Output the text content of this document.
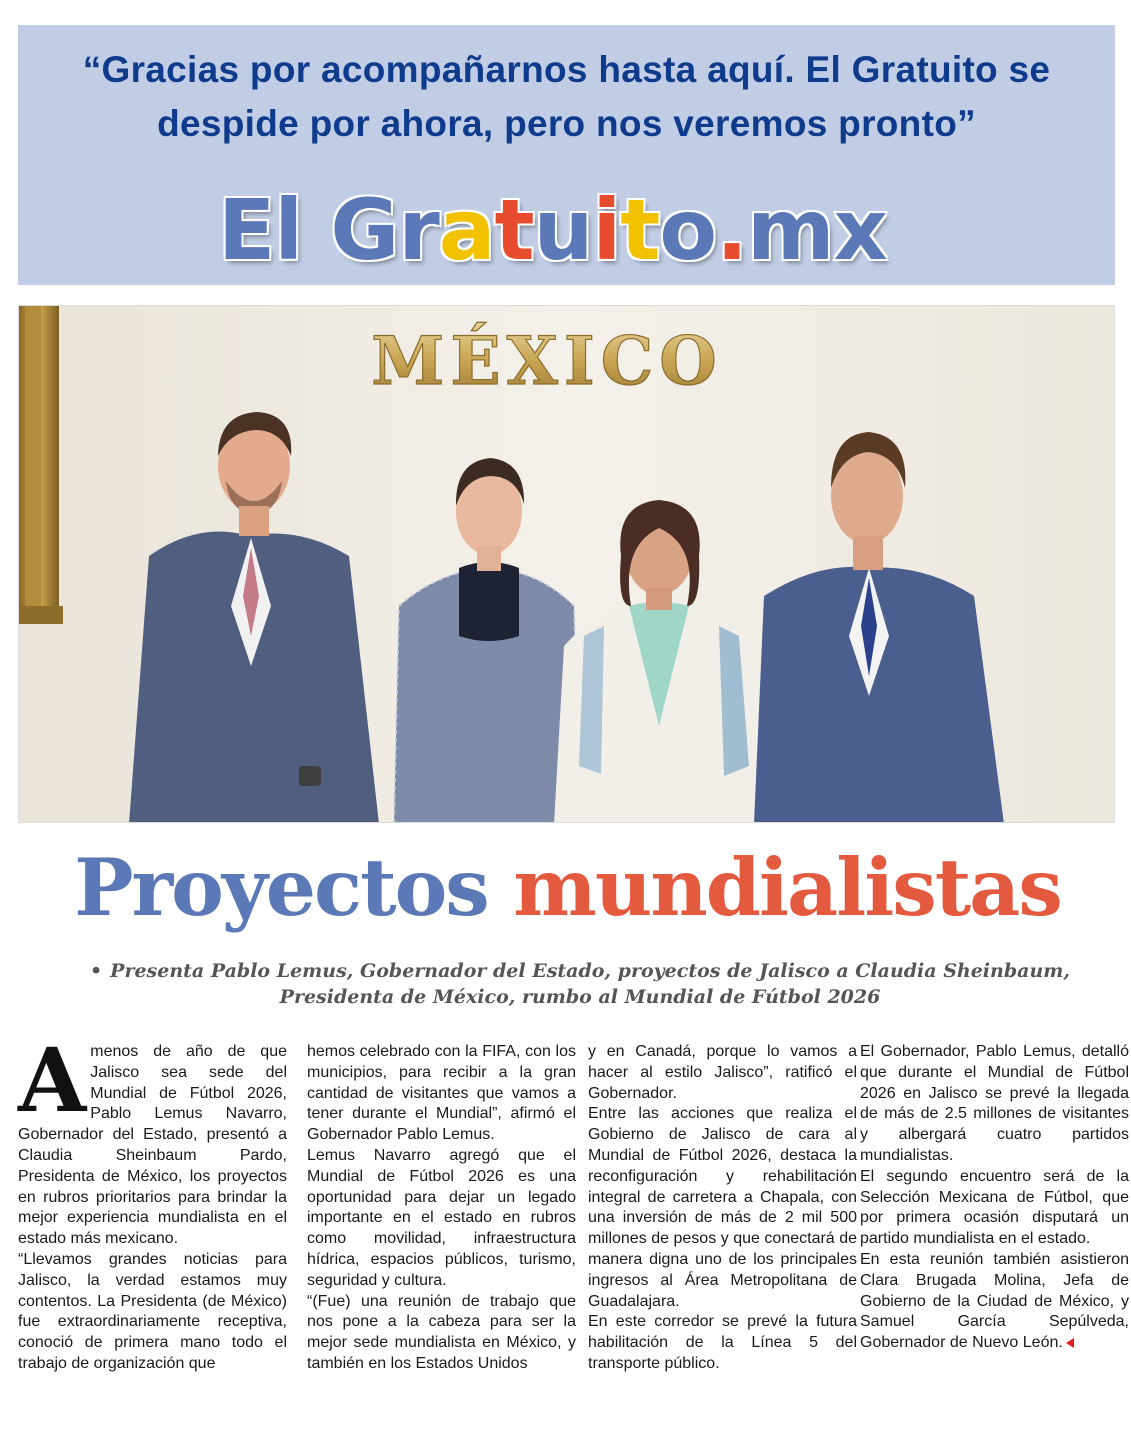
“Gracias por acompañarnos hasta aquí. El Gratuito se
despide por ahora, pero nos veremos pronto”
El Gratuito.mx
MÉXICO
Proyectos mundialistas
• Presenta Pablo Lemus, Gobernador del Estado, proyectos de Jalisco a Claudia Sheinbaum, Presidenta de México, rumbo al Mundial de Fútbol 2026
A menos de año de que Jalisco sea sede del Mundial de Fútbol 2026, Pablo Lemus Navarro, Gobernador del Estado, presentó a Claudia Sheinbaum Pardo, Presidenta de México, los proyectos en rubros prioritarios para brindar la mejor experiencia mundialista en el estado más mexicano.

“Llevamos grandes noticias para Jalisco, la verdad estamos muy contentos. La Presidenta (de México) fue extraordinariamente receptiva, conoció de primera mano todo el trabajo de organización que

hemos celebrado con la FIFA, con los municipios, para recibir a la gran cantidad de visitantes que vamos a tener durante el Mundial”, afirmó el Gobernador Pablo Lemus.

Lemus Navarro agregó que el Mundial de Fútbol 2026 es una oportunidad para dejar un legado importante en el estado en rubros como movilidad, infraestructura hídrica, espacios públicos, turismo, seguridad y cultura.

“(Fue) una reunión de trabajo que nos pone a la cabeza para ser la mejor sede mundialista en México, y también en los Estados Unidos

y en Canadá, porque lo vamos a hacer al estilo Jalisco”, ratificó el Gobernador.

Entre las acciones que realiza el Gobierno de Jalisco de cara al Mundial de Fútbol 2026, destaca la reconfiguración y rehabilitación integral de carretera a Chapala, con una inversión de más de 2 mil 500 millones de pesos y que conectará de manera digna uno de los principales ingresos al Área Metropolitana de Guadalajara.

En este corredor se prevé la futura habilitación de la Línea 5 del transporte público.

El Gobernador, Pablo Lemus, detalló que durante el Mundial de Fútbol 2026 en Jalisco se prevé la llegada de más de 2.5 millones de visitantes y albergará cuatro partidos mundialistas.

El segundo encuentro será de la Selección Mexicana de Fútbol, que por primera ocasión disputará un partido mundialista en el estado.

En esta reunión también asistieron Clara Brugada Molina, Jefa de Gobierno de la Ciudad de México, y Samuel García Sepúlveda, Gobernador de Nuevo León.
